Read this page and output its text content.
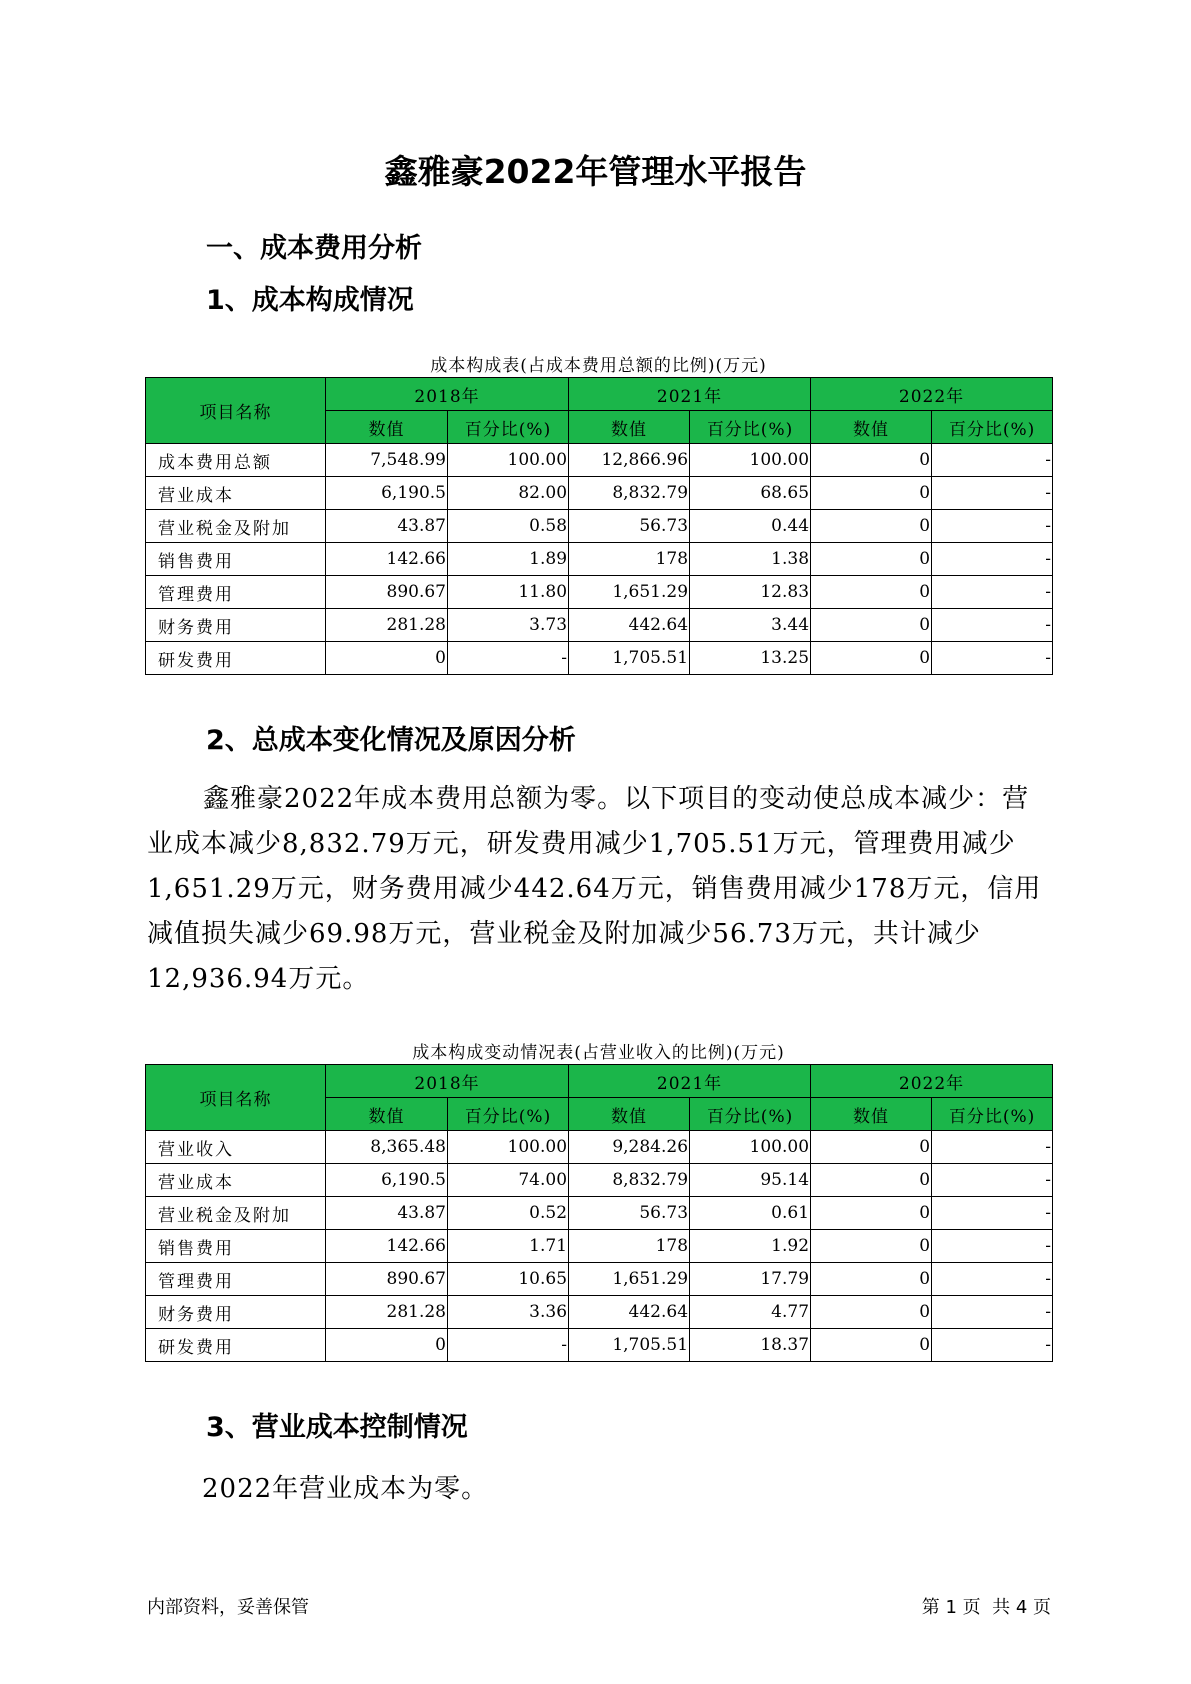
鑫雅豪2022年管理水平报告
一、成本费用分析
1、成本构成情况
成本构成表(占成本费用总额的比例)(万元)
项目名称	2018年		2021年		2022年	
	数值	百分比(%)	数值	百分比(%)	数值	百分比(%)
成本费用总额	7,548.99	100.00	12,866.96	100.00	0	-
营业成本	6,190.5	82.00	8,832.79	68.65	0	-
营业税金及附加	43.87	0.58	56.73	0.44	0	-
销售费用	142.66	1.89	178	1.38	0	-
管理费用	890.67	11.80	1,651.29	12.83	0	-
财务费用	281.28	3.73	442.64	3.44	0	-
研发费用	0	-	1,705.51	13.25	0	-
2、总成本变化情况及原因分析

鑫雅豪2022年成本费用总额为零。以下项目的变动使总成本减少：营业成本减少8,832.79万元，研发费用减少1,705.51万元，管理费用减少1,651.29万元，财务费用减少442.64万元，销售费用减少178万元，信用减值损失减少69.98万元，营业税金及附加减少56.73万元，共计减少12,936.94万元。

成本构成变动情况表(占营业收入的比例)(万元)
项目名称	2018年		2021年		2022年	
	数值	百分比(%)	数值	百分比(%)	数值	百分比(%)
营业收入	8,365.48	100.00	9,284.26	100.00	0	-
营业成本	6,190.5	74.00	8,832.79	95.14	0	-
营业税金及附加	43.87	0.52	56.73	0.61	0	-
销售费用	142.66	1.71	178	1.92	0	-
管理费用	890.67	10.65	1,651.29	17.79	0	-
财务费用	281.28	3.36	442.64	4.77	0	-
研发费用	0	-	1,705.51	18.37	0	-
3、营业成本控制情况
2022年营业成本为零。
内部资料，妥善保管	第 1 页  共 4 页
